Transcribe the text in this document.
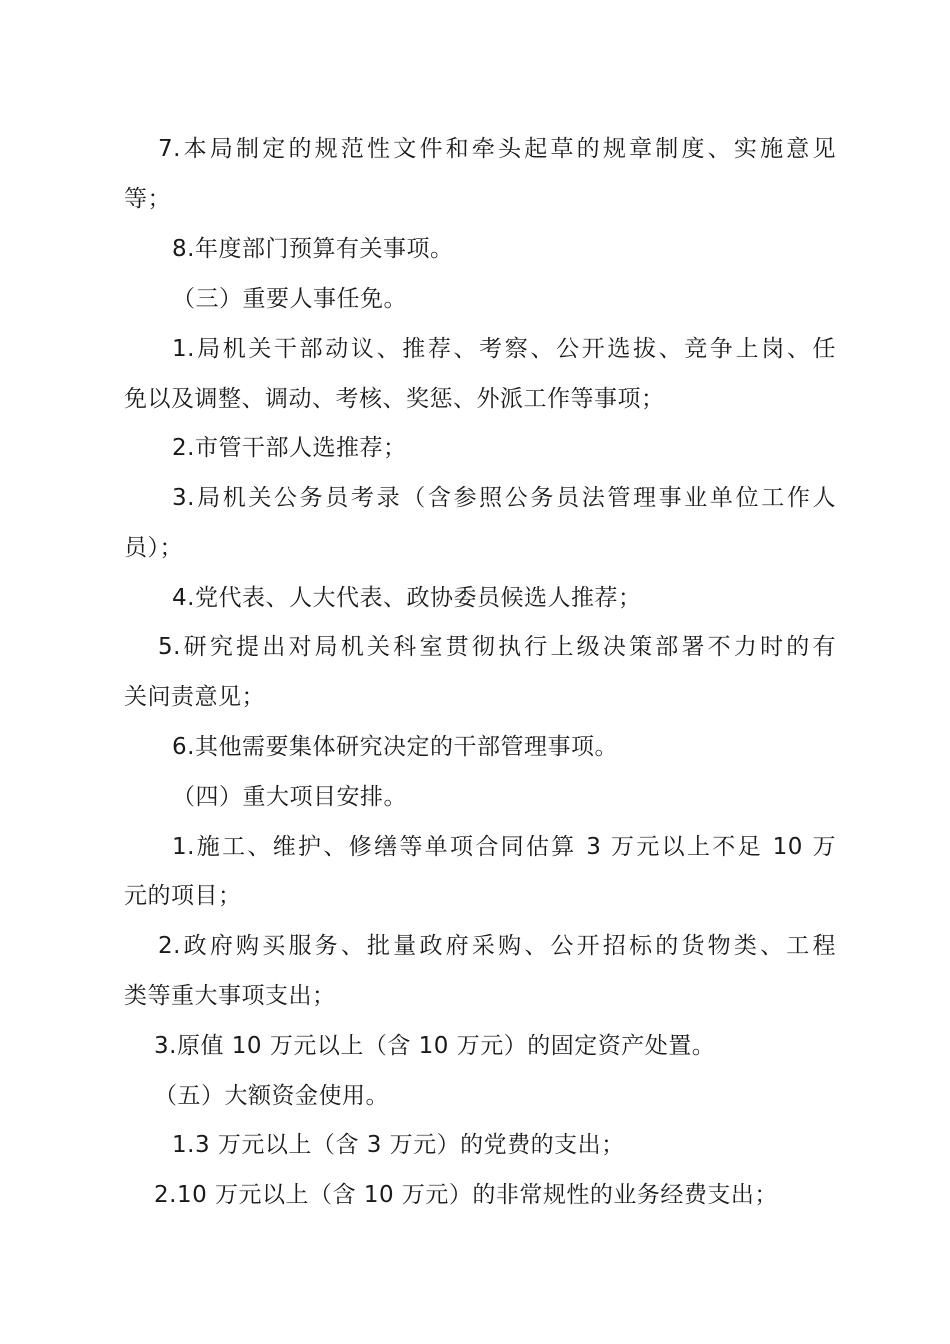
7.本局制定的规范性文件和牵头起草的规章制度、实施意见
等；
8.年度部门预算有关事项。
（三）重要人事任免。
1.局机关干部动议、推荐、考察、公开选拔、竞争上岗、任
免以及调整、调动、考核、奖惩、外派工作等事项；
2.市管干部人选推荐；
3.局机关公务员考录（含参照公务员法管理事业单位工作人
员）；
4.党代表、人大代表、政协委员候选人推荐；
5.研究提出对局机关科室贯彻执行上级决策部署不力时的有
关问责意见；
6.其他需要集体研究决定的干部管理事项。
（四）重大项目安排。
1.施工、维护、修缮等单项合同估算 3 万元以上不足 10 万
元的项目；
2.政府购买服务、批量政府采购、公开招标的货物类、工程
类等重大事项支出；
3.原值 10 万元以上（含 10 万元）的固定资产处置。
（五）大额资金使用。
1.3 万元以上（含 3 万元）的党费的支出；
2.10 万元以上（含 10 万元）的非常规性的业务经费支出；
